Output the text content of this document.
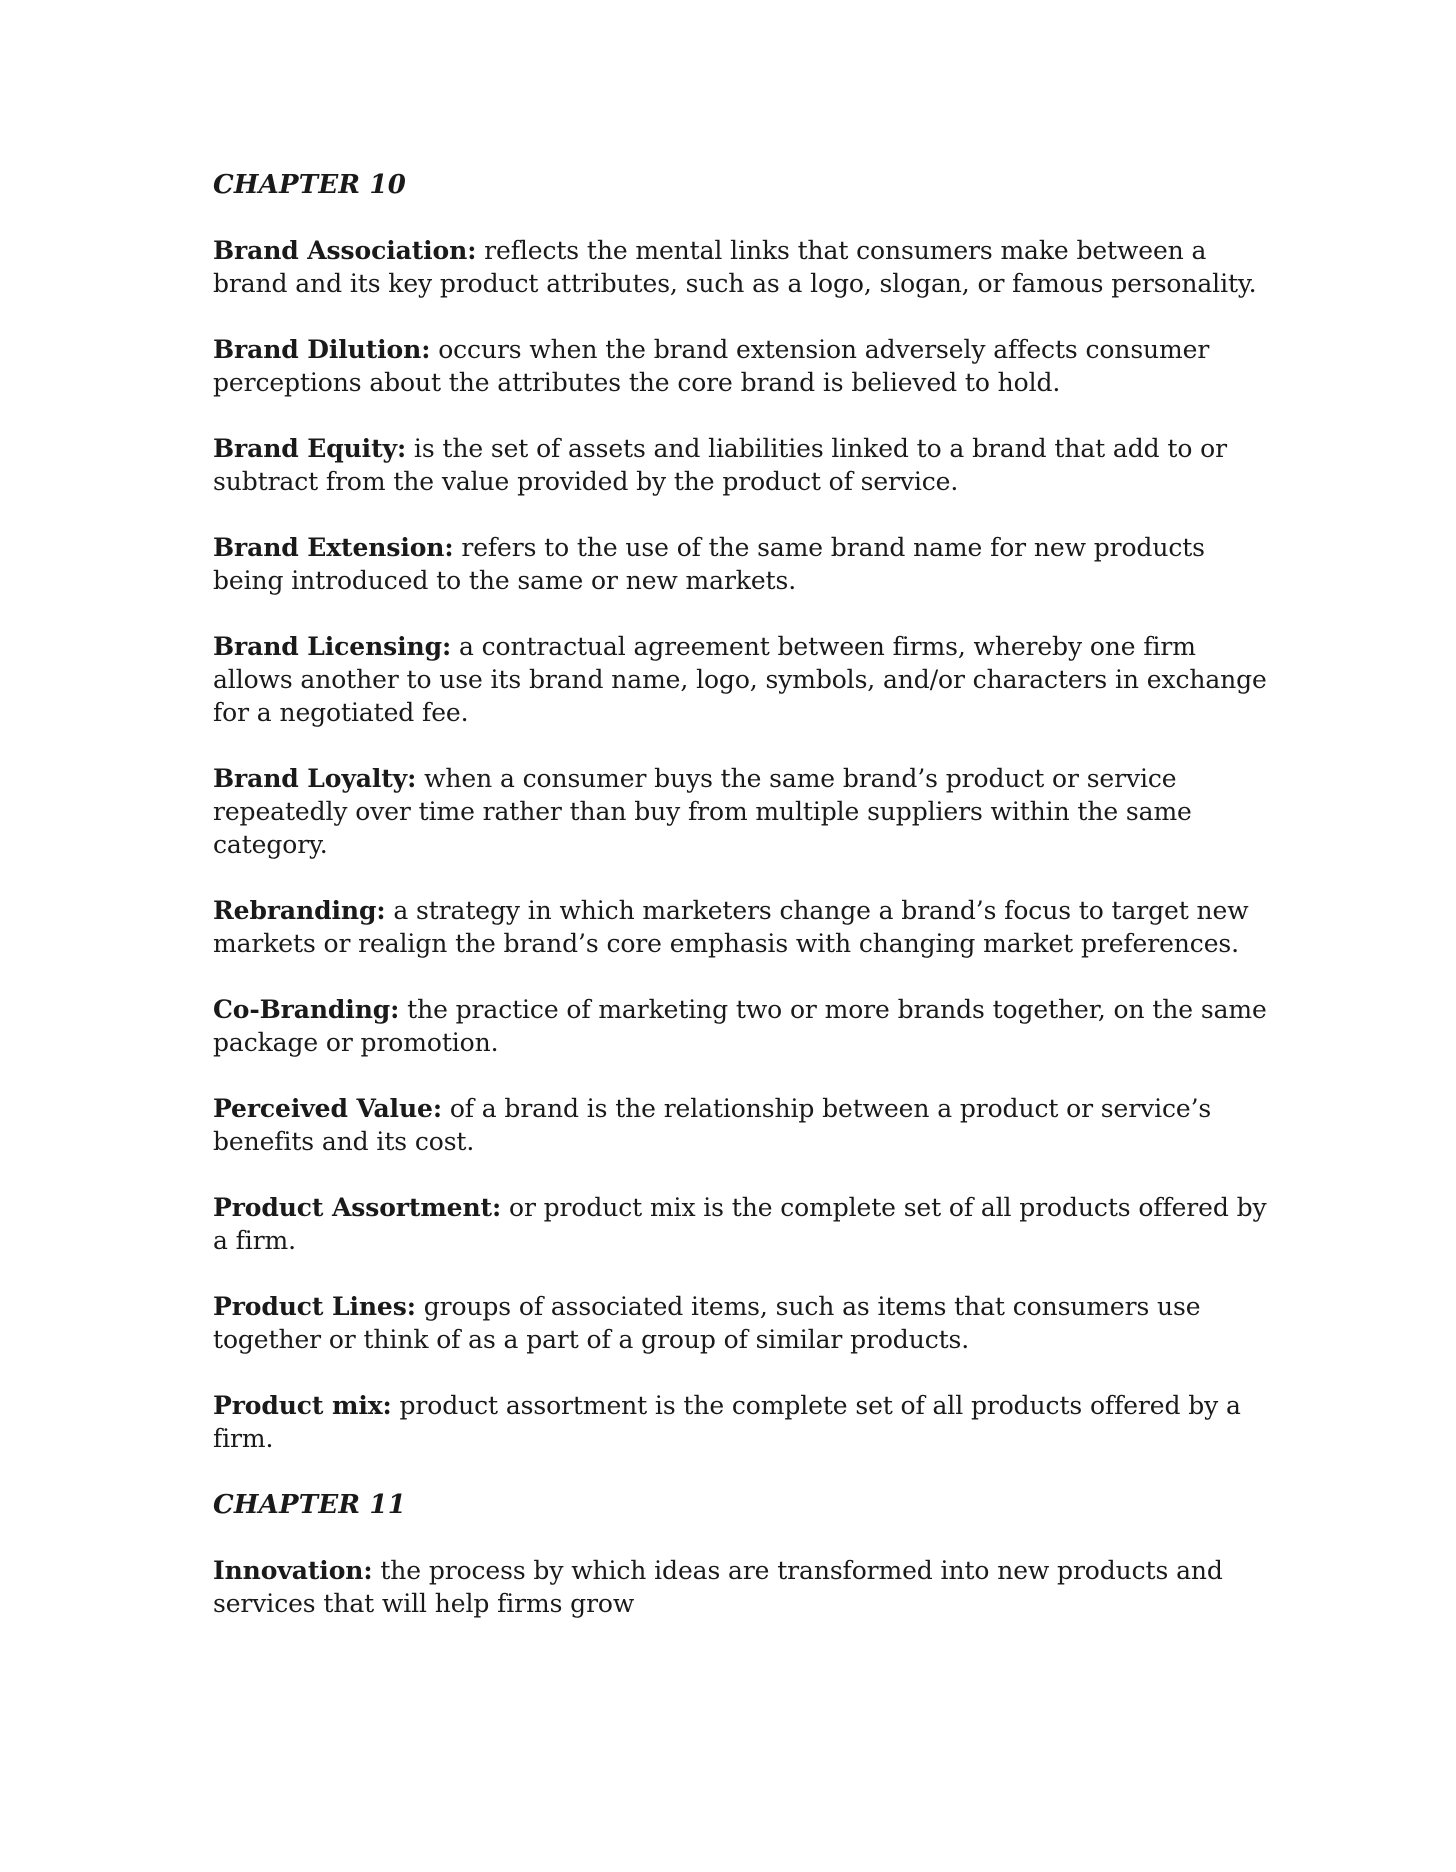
CHAPTER 10

Brand Association: reflects the mental links that consumers make between a brand and its key product attributes, such as a logo, slogan, or famous personality.

Brand Dilution: occurs when the brand extension adversely affects consumer perceptions about the attributes the core brand is believed to hold.

Brand Equity: is the set of assets and liabilities linked to a brand that add to or subtract from the value provided by the product of service.

Brand Extension: refers to the use of the same brand name for new products being introduced to the same or new markets.

Brand Licensing: a contractual agreement between firms, whereby one firm allows another to use its brand name, logo, symbols, and/or characters in exchange for a negotiated fee.

Brand Loyalty: when a consumer buys the same brand’s product or service repeatedly over time rather than buy from multiple suppliers within the same category.

Rebranding: a strategy in which marketers change a brand’s focus to target new markets or realign the brand’s core emphasis with changing market preferences.

Co-Branding: the practice of marketing two or more brands together, on the same package or promotion.

Perceived Value: of a brand is the relationship between a product or service’s benefits and its cost.

Product Assortment: or product mix is the complete set of all products offered by a firm.

Product Lines: groups of associated items, such as items that consumers use together or think of as a part of a group of similar products.

Product mix: product assortment is the complete set of all products offered by a firm.

CHAPTER 11

Innovation: the process by which ideas are transformed into new products and services that will help firms grow
